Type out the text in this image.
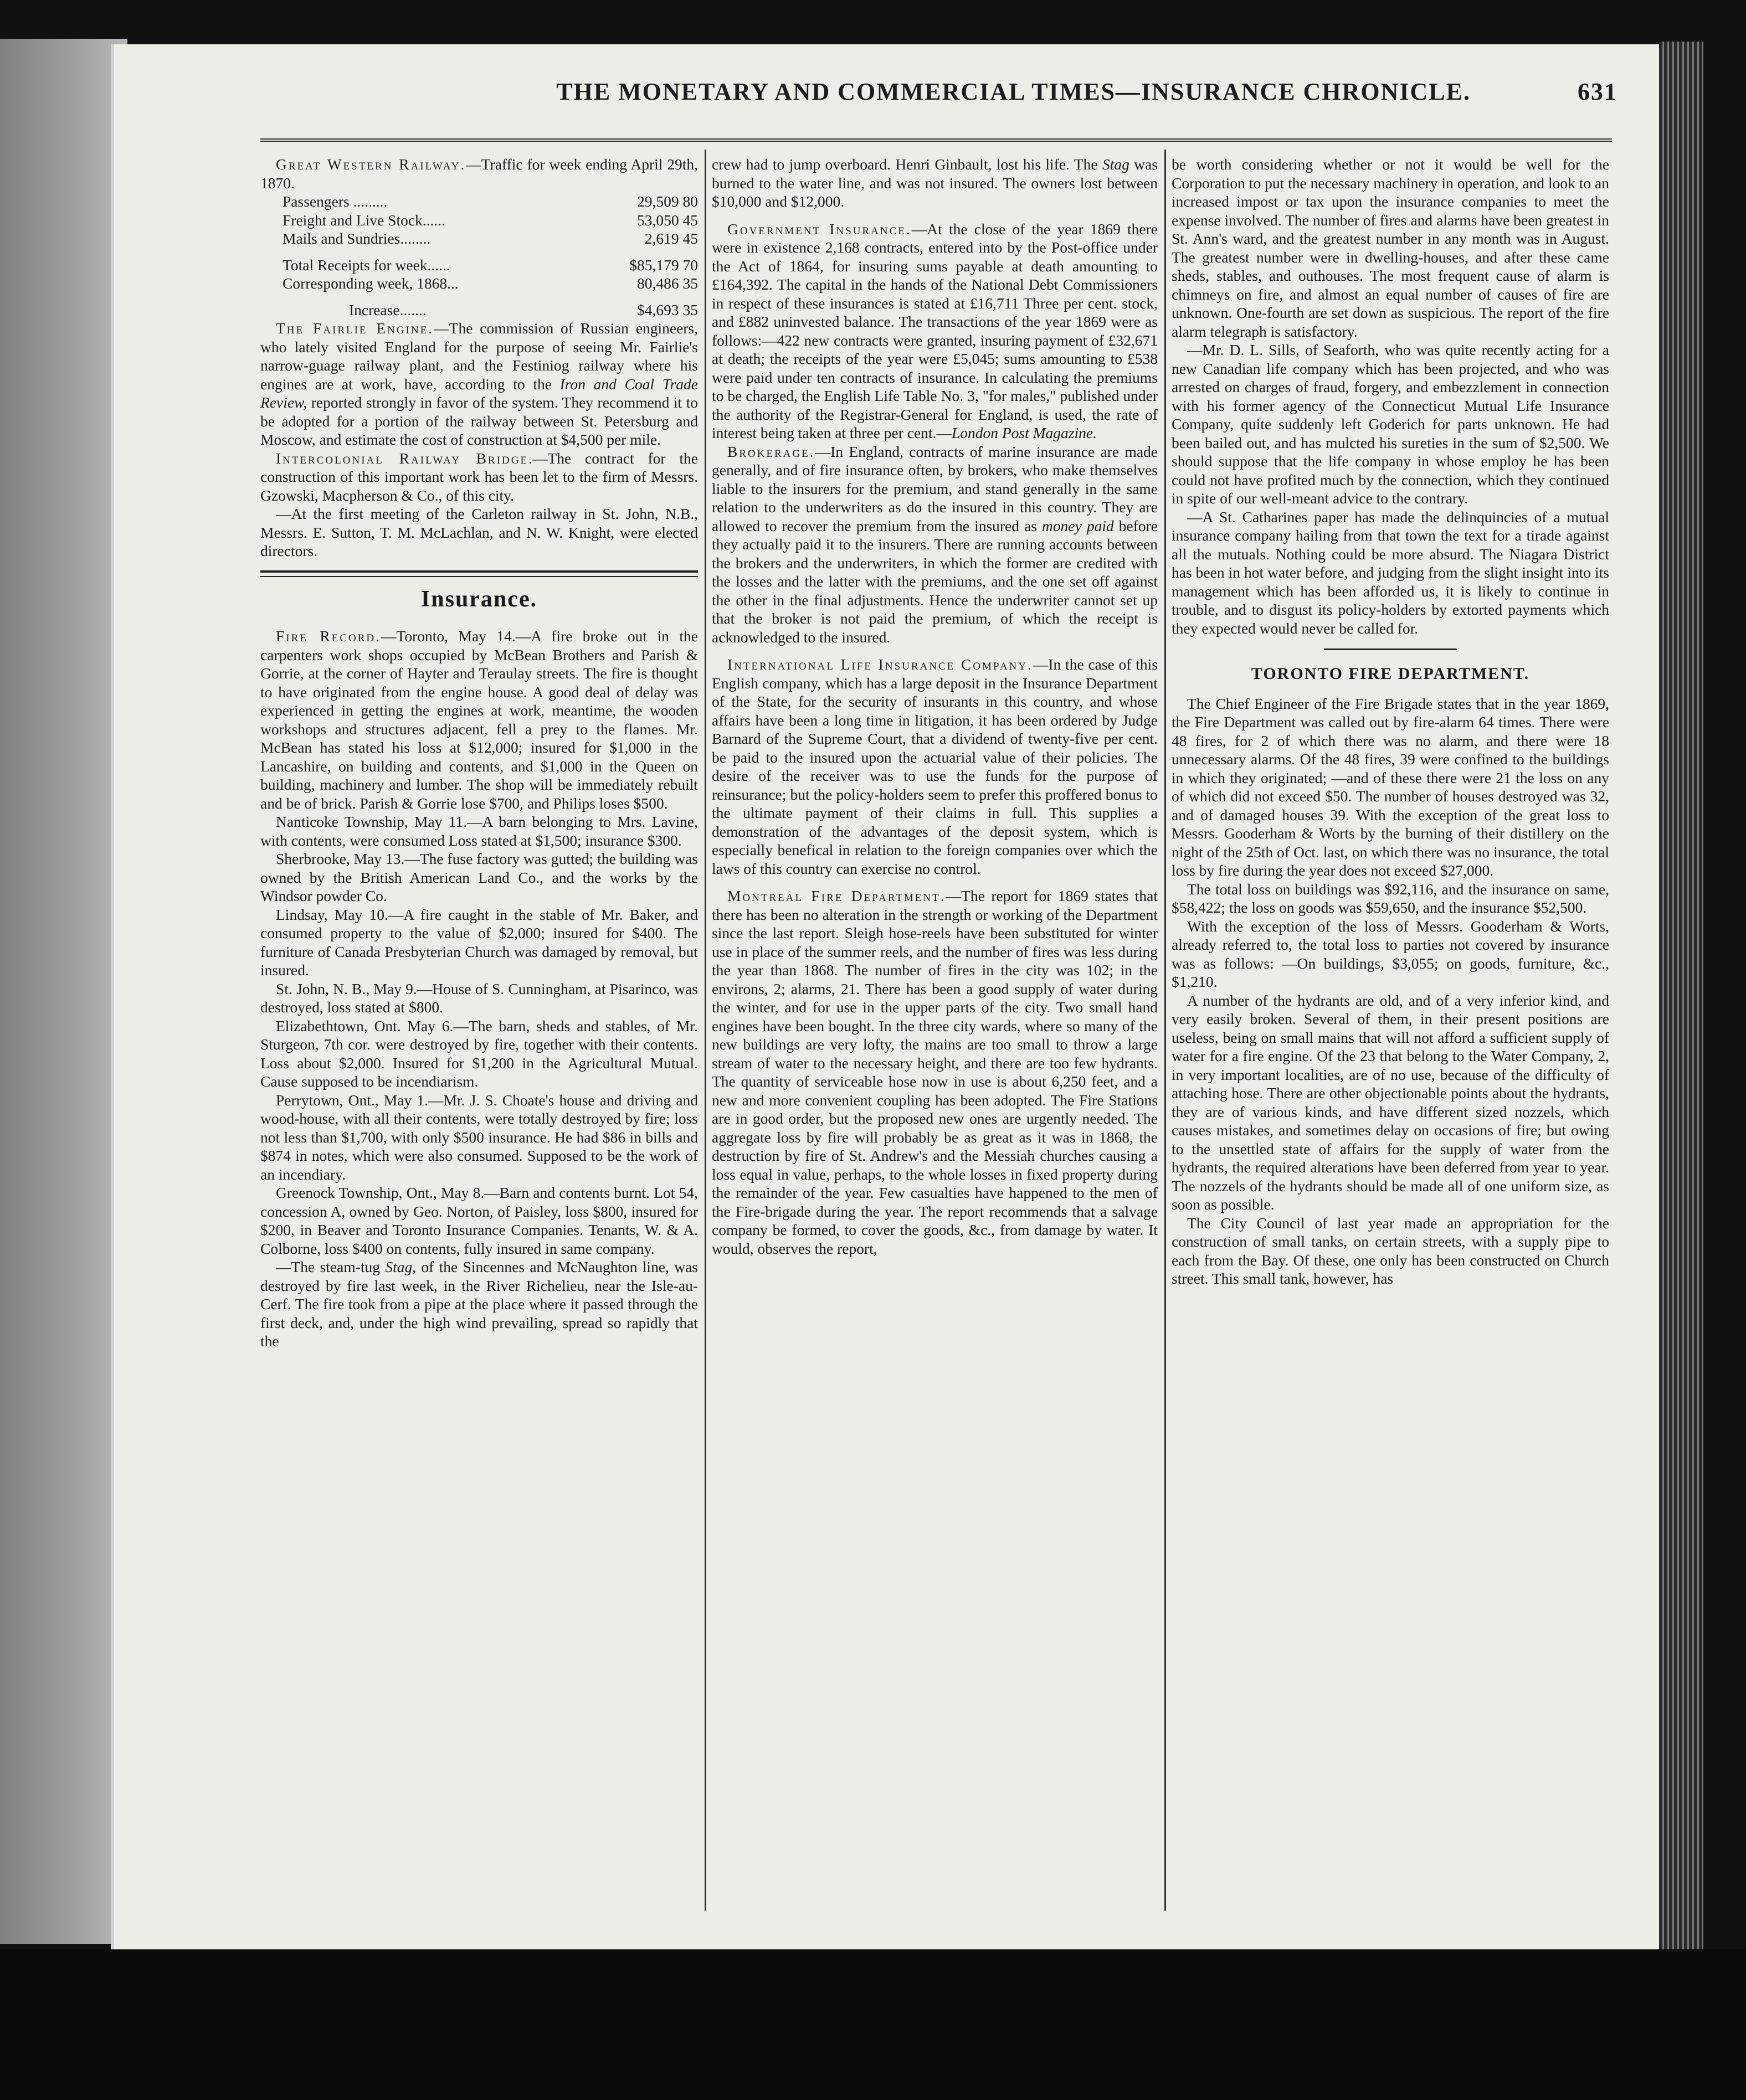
THE MONETARY AND COMMERCIAL TIMES—INSURANCE CHRONICLE.	631

Great Western Railway.—Traffic for week ending April 29th, 1870.

Passengers .........	29,509 80
Freight and Live Stock......	53,050 45
Mails and Sundries........	2,619 45
Total Receipts for week......	$85,179 70
Corresponding week, 1868...	80,486 35
Increase.......	$4,693 35

The Fairlie Engine.—The commission of Russian engineers, who lately visited England for the purpose of seeing Mr. Fairlie's narrow-guage railway plant, and the Festiniog railway where his engines are at work, have, according to the Iron and Coal Trade Review, reported strongly in favor of the system. They recommend it to be adopted for a portion of the railway between St. Petersburg and Moscow, and estimate the cost of construction at $4,500 per mile.

Intercolonial Railway Bridge.—The contract for the construction of this important work has been let to the firm of Messrs. Gzowski, Macpherson & Co., of this city.

—At the first meeting of the Carleton railway in St. John, N.B., Messrs. E. Sutton, T. M. McLachlan, and N. W. Knight, were elected directors.

Insurance.

Fire Record.—Toronto, May 14.—A fire broke out in the carpenters work shops occupied by McBean Brothers and Parish & Gorrie, at the corner of Hayter and Teraulay streets. The fire is thought to have originated from the engine house. A good deal of delay was experienced in getting the engines at work, meantime, the wooden workshops and structures adjacent, fell a prey to the flames. Mr. McBean has stated his loss at $12,000; insured for $1,000 in the Lancashire, on building and contents, and $1,000 in the Queen on building, machinery and lumber. The shop will be immediately rebuilt and be of brick. Parish & Gorrie lose $700, and Philips loses $500.

Nanticoke Township, May 11.—A barn belonging to Mrs. Lavine, with contents, were consumed Loss stated at $1,500; insurance $300.

Sherbrooke, May 13.—The fuse factory was gutted; the building was owned by the British American Land Co., and the works by the Windsor powder Co.

Lindsay, May 10.—A fire caught in the stable of Mr. Baker, and consumed property to the value of $2,000; insured for $400. The furniture of Canada Presbyterian Church was damaged by removal, but insured.

St. John, N. B., May 9.—House of S. Cunningham, at Pisarinco, was destroyed, loss stated at $800.

Elizabethtown, Ont. May 6.—The barn, sheds and stables, of Mr. Sturgeon, 7th cor. were destroyed by fire, together with their contents. Loss about $2,000. Insured for $1,200 in the Agricultural Mutual. Cause supposed to be incendiarism.

Perrytown, Ont., May 1.—Mr. J. S. Choate's house and driving and wood-house, with all their contents, were totally destroyed by fire; loss not less than $1,700, with only $500 insurance. He had $86 in bills and $874 in notes, which were also consumed. Supposed to be the work of an incendiary.

Greenock Township, Ont., May 8.—Barn and contents burnt. Lot 54, concession A, owned by Geo. Norton, of Paisley, loss $800, insured for $200, in Beaver and Toronto Insurance Companies. Tenants, W. & A. Colborne, loss $400 on contents, fully insured in same company.

—The steam-tug Stag, of the Sincennes and McNaughton line, was destroyed by fire last week, in the River Richelieu, near the Isle-au-Cerf. The fire took from a pipe at the place where it passed through the first deck, and, under the high wind prevailing, spread so rapidly that the

crew had to jump overboard. Henri Ginbault, lost his life. The Stag was burned to the water line, and was not insured. The owners lost between $10,000 and $12,000.

Government Insurance.—At the close of the year 1869 there were in existence 2,168 contracts, entered into by the Post-office under the Act of 1864, for insuring sums payable at death amounting to £164,392. The capital in the hands of the National Debt Commissioners in respect of these insurances is stated at £16,711 Three per cent. stock, and £882 uninvested balance. The transactions of the year 1869 were as follows:—422 new contracts were granted, insuring payment of £32,671 at death; the receipts of the year were £5,045; sums amounting to £538 were paid under ten contracts of insurance. In calculating the premiums to be charged, the English Life Table No. 3, "for males," published under the authority of the Registrar-General for England, is used, the rate of interest being taken at three per cent.—London Post Magazine.

Brokerage.—In England, contracts of marine insurance are made generally, and of fire insurance often, by brokers, who make themselves liable to the insurers for the premium, and stand generally in the same relation to the underwriters as do the insured in this country. They are allowed to recover the premium from the insured as money paid before they actually paid it to the insurers. There are running accounts between the brokers and the underwriters, in which the former are credited with the losses and the latter with the premiums, and the one set off against the other in the final adjustments. Hence the underwriter cannot set up that the broker is not paid the premium, of which the receipt is acknowledged to the insured.

International Life Insurance Company.—In the case of this English company, which has a large deposit in the Insurance Department of the State, for the security of insurants in this country, and whose affairs have been a long time in litigation, it has been ordered by Judge Barnard of the Supreme Court, that a dividend of twenty-five per cent. be paid to the insured upon the actuarial value of their policies. The desire of the receiver was to use the funds for the purpose of reinsurance; but the policy-holders seem to prefer this proffered bonus to the ultimate payment of their claims in full. This supplies a demonstration of the advantages of the deposit system, which is especially benefical in relation to the foreign companies over which the laws of this country can exercise no control.

Montreal Fire Department.—The report for 1869 states that there has been no alteration in the strength or working of the Department since the last report. Sleigh hose-reels have been substituted for winter use in place of the summer reels, and the number of fires was less during the year than 1868. The number of fires in the city was 102; in the environs, 2; alarms, 21. There has been a good supply of water during the winter, and for use in the upper parts of the city. Two small hand engines have been bought. In the three city wards, where so many of the new buildings are very lofty, the mains are too small to throw a large stream of water to the necessary height, and there are too few hydrants. The quantity of serviceable hose now in use is about 6,250 feet, and a new and more convenient coupling has been adopted. The Fire Stations are in good order, but the proposed new ones are urgently needed. The aggregate loss by fire will probably be as great as it was in 1868, the destruction by fire of St. Andrew's and the Messiah churches causing a loss equal in value, perhaps, to the whole losses in fixed property during the remainder of the year. Few casualties have happened to the men of the Fire-brigade during the year. The report recommends that a salvage company be formed, to cover the goods, &c., from damage by water. It would, observes the report,

be worth considering whether or not it would be well for the Corporation to put the necessary machinery in operation, and look to an increased impost or tax upon the insurance companies to meet the expense involved. The number of fires and alarms have been greatest in St. Ann's ward, and the greatest number in any month was in August. The greatest number were in dwelling-houses, and after these came sheds, stables, and outhouses. The most frequent cause of alarm is chimneys on fire, and almost an equal number of causes of fire are unknown. One-fourth are set down as suspicious. The report of the fire alarm telegraph is satisfactory.

—Mr. D. L. Sills, of Seaforth, who was quite recently acting for a new Canadian life company which has been projected, and who was arrested on charges of fraud, forgery, and embezzlement in connection with his former agency of the Connecticut Mutual Life Insurance Company, quite suddenly left Goderich for parts unknown. He had been bailed out, and has mulcted his sureties in the sum of $2,500. We should suppose that the life company in whose employ he has been could not have profited much by the connection, which they continued in spite of our well-meant advice to the contrary.

—A St. Catharines paper has made the delinquincies of a mutual insurance company hailing from that town the text for a tirade against all the mutuals. Nothing could be more absurd. The Niagara District has been in hot water before, and judging from the slight insight into its management which has been afforded us, it is likely to continue in trouble, and to disgust its policy-holders by extorted payments which they expected would never be called for.

TORONTO FIRE DEPARTMENT.

The Chief Engineer of the Fire Brigade states that in the year 1869, the Fire Department was called out by fire-alarm 64 times. There were 48 fires, for 2 of which there was no alarm, and there were 18 unnecessary alarms. Of the 48 fires, 39 were confined to the buildings in which they originated; —and of these there were 21 the loss on any of which did not exceed $50. The number of houses destroyed was 32, and of damaged houses 39. With the exception of the great loss to Messrs. Gooderham & Worts by the burning of their distillery on the night of the 25th of Oct. last, on which there was no insurance, the total loss by fire during the year does not exceed $27,000.

The total loss on buildings was $92,116, and the insurance on same, $58,422; the loss on goods was $59,650, and the insurance $52,500.

With the exception of the loss of Messrs. Gooderham & Worts, already referred to, the total loss to parties not covered by insurance was as follows: —On buildings, $3,055; on goods, furniture, &c., $1,210.

A number of the hydrants are old, and of a very inferior kind, and very easily broken. Several of them, in their present positions are useless, being on small mains that will not afford a sufficient supply of water for a fire engine. Of the 23 that belong to the Water Company, 2, in very important localities, are of no use, because of the difficulty of attaching hose. There are other objectionable points about the hydrants, they are of various kinds, and have different sized nozzels, which causes mistakes, and sometimes delay on occasions of fire; but owing to the unsettled state of affairs for the supply of water from the hydrants, the required alterations have been deferred from year to year. The nozzels of the hydrants should be made all of one uniform size, as soon as possible.

The City Council of last year made an appropriation for the construction of small tanks, on certain streets, with a supply pipe to each from the Bay. Of these, one only has been constructed on Church street. This small tank, however, has
